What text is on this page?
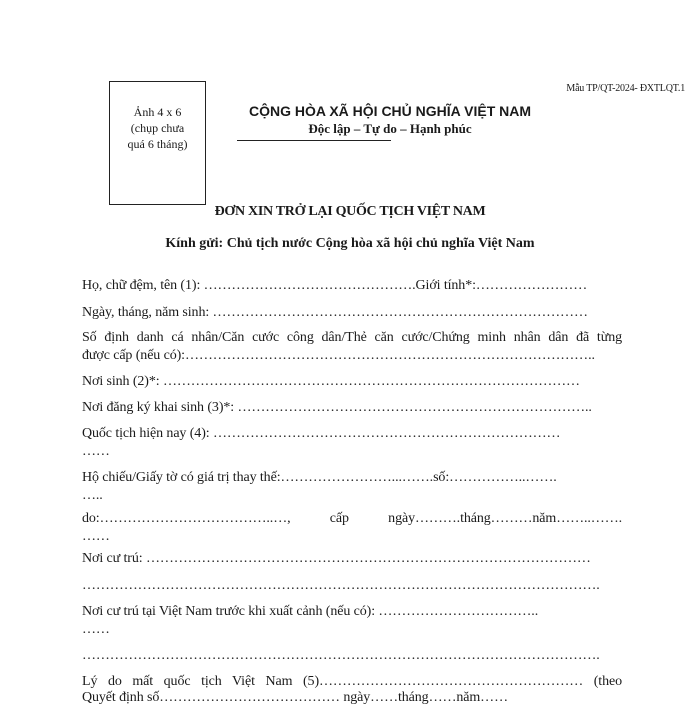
Mẫu TP/QT-2024- ĐXTLQT.1
Ảnh 4 x 6
(chụp chưa
quá 6 tháng)
CỘNG HÒA XÃ HỘI CHỦ NGHĨA VIỆT NAM
Độc lập – Tự do – Hạnh phúc
ĐƠN XIN TRỞ LẠI QUỐC TỊCH VIỆT NAM
Kính gửi: Chủ tịch nước Cộng hòa xã hội chủ nghĩa Việt Nam
Họ, chữ đệm, tên (1): ……………………………………….Giới tính*:……………………
Ngày, tháng, năm sinh: ………………………………………………………………………
Số định danh cá nhân/Căn cước công dân/Thẻ căn cước/Chứng minh nhân dân đã từng
được cấp (nếu có):……………………………………………………………………………..
Nơi sinh (2)*: ………………………………………………………………………………
Nơi đăng ký khai sinh (3)*: …………………………………………………………………..
Quốc tịch hiện nay (4): …………………………………………………………………
……
Hộ chiếu/Giấy tờ có giá trị thay thế:……………………...…….số:……………..…….
…..
do:………………………………..…, cấp ngày……….tháng………năm……..…….
……
Nơi cư trú: ……………………………………………………………………………………
………………………………………………………………………………………………….
Nơi cư trú tại Việt Nam trước khi xuất cảnh (nếu có): ……………………………..
……
………………………………………………………………………………………………….
Lý do mất quốc tịch Việt Nam (5)………………………………………………… (theo
Quyết định số………………………………… ngày……tháng……năm……
